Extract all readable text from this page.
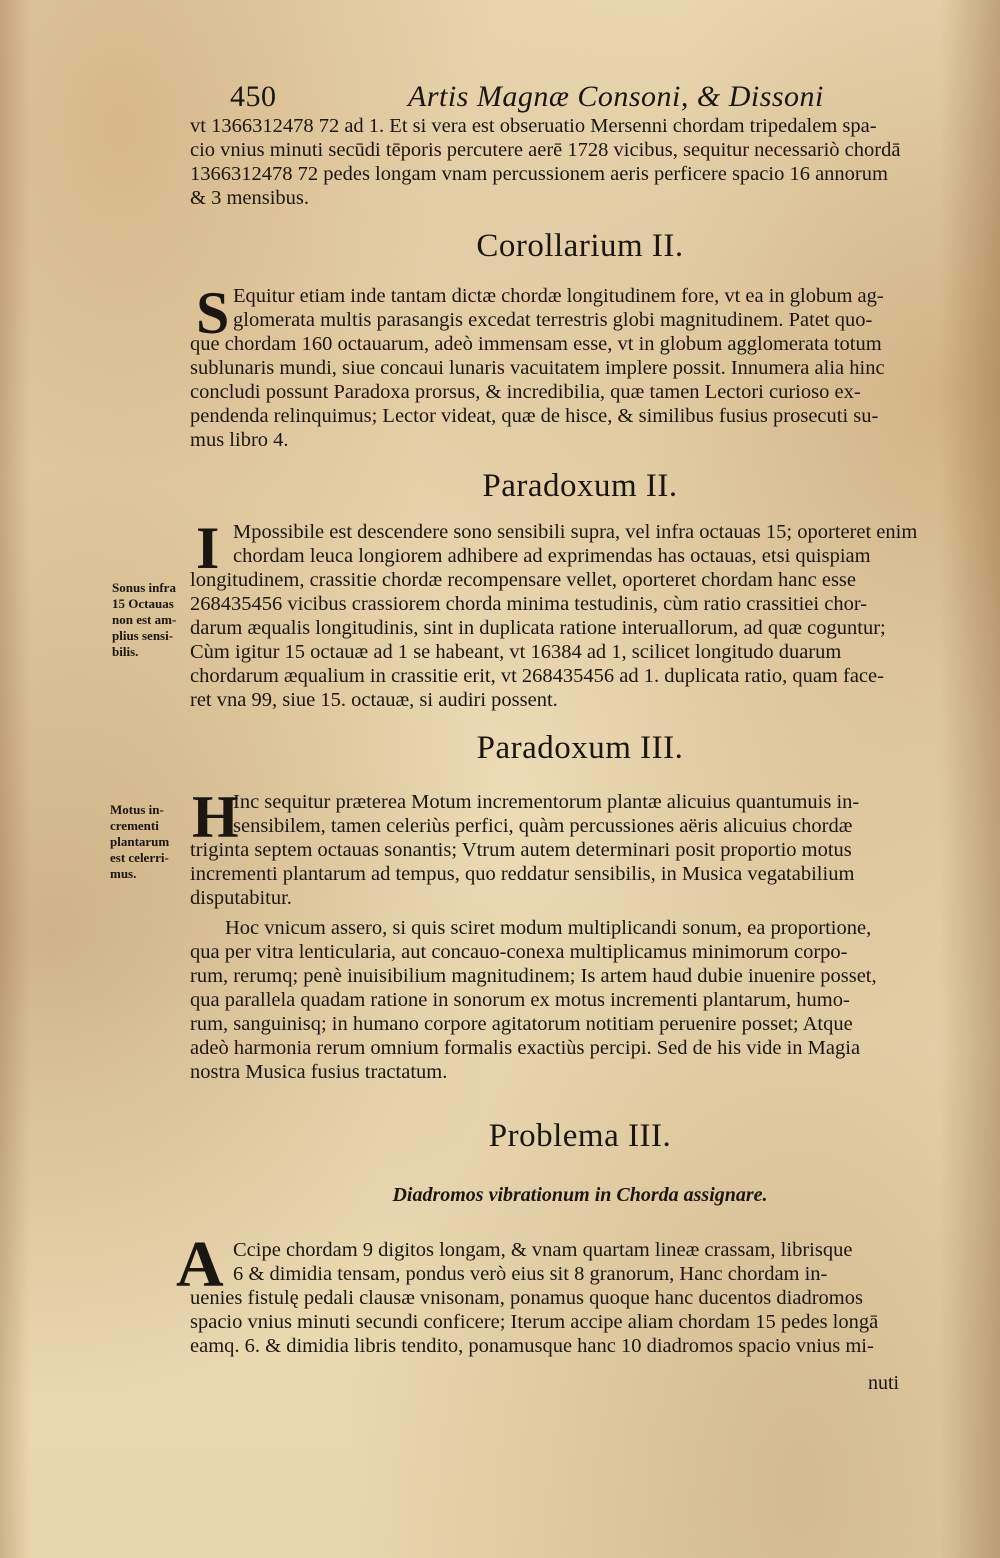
450	Artis Magnæ Consoni, & Dissoni
vt 1366312478 72 ad 1. Et si vera est obseruatio Mersenni chordam tripedalem spa-
cio vnius minuti secūdi tēporis percutere aerē 1728 vicibus, sequitur necessariò chordā
1366312478 72 pedes longam vnam percussionem aeris perficere spacio 16 annorum
& 3 mensibus.
Corollarium II.
S Equitur etiam inde tantam dictæ chordæ longitudinem fore, vt ea in globum ag-
glomerata multis parasangis excedat terrestris globi magnitudinem. Patet quo-
que chordam 160 octauarum, adeò immensam esse, vt in globum agglomerata totum
sublunaris mundi, siue concaui lunaris vacuitatem implere possit. Innumera alia hinc
concludi possunt Paradoxa prorsus, & incredibilia, quæ tamen Lectori curioso ex-
pendenda relinquimus; Lector videat, quæ de hisce, & similibus fusius prosecuti su-
mus libro 4.
Paradoxum II.
I
Sonus infra
15 Octauas
non est am-
plius sensi-
bilis.
Mpossibile est descendere sono sensibili supra, vel infra octauas 15; oporteret enim
chordam leuca longiorem adhibere ad exprimendas has octauas, etsi quispiam
longitudinem, crassitie chordæ recompensare vellet, oporteret chordam hanc esse
268435456 vicibus crassiorem chorda minima testudinis, cùm ratio crassitiei chor-
darum æqualis longitudinis, sint in duplicata ratione interuallorum, ad quæ coguntur;
Cùm igitur 15 octauæ ad 1 se habeant, vt 16384 ad 1, scilicet longitudo duarum
chordarum æqualium in crassitie erit, vt 268435456 ad 1. duplicata ratio, quam face-
ret vna 99, siue 15. octauæ, si audiri possent.
Paradoxum III.
H
Motus in-
crementi
plantarum
est celerri-
mus.
Inc sequitur præterea Motum incrementorum plantæ alicuius quantumuis in-
sensibilem, tamen celeriùs perfici, quàm percussiones aëris alicuius chordæ
triginta septem octauas sonantis; Vtrum autem determinari posit proportio motus
incrementi plantarum ad tempus, quo reddatur sensibilis, in Musica vegatabilium
disputabitur.
Hoc vnicum assero, si quis sciret modum multiplicandi sonum, ea proportione,
qua per vitra lenticularia, aut concauo-conexa multiplicamus minimorum corpo-
rum, rerumq; penè inuisibilium magnitudinem; Is artem haud dubie inuenire posset,
qua parallela quadam ratione in sonorum ex motus incrementi plantarum, humo-
rum, sanguinisq; in humano corpore agitatorum notitiam peruenire posset; Atque
adeò harmonia rerum omnium formalis exactiùs percipi. Sed de his vide in Magia
nostra Musica fusius tractatum.
Problema III.
Diadromos vibrationum in Chorda assignare.
A Ccipe chordam 9 digitos longam, & vnam quartam lineæ crassam, librisque
6 & dimidia tensam, pondus verò eius sit 8 granorum, Hanc chordam in-
uenies fistulę pedali clausæ vnisonam, ponamus quoque hanc ducentos diadromos
spacio vnius minuti secundi conficere; Iterum accipe aliam chordam 15 pedes longā
eamq. 6. & dimidia libris tendito, ponamusque hanc 10 diadromos spacio vnius mi-
nuti
